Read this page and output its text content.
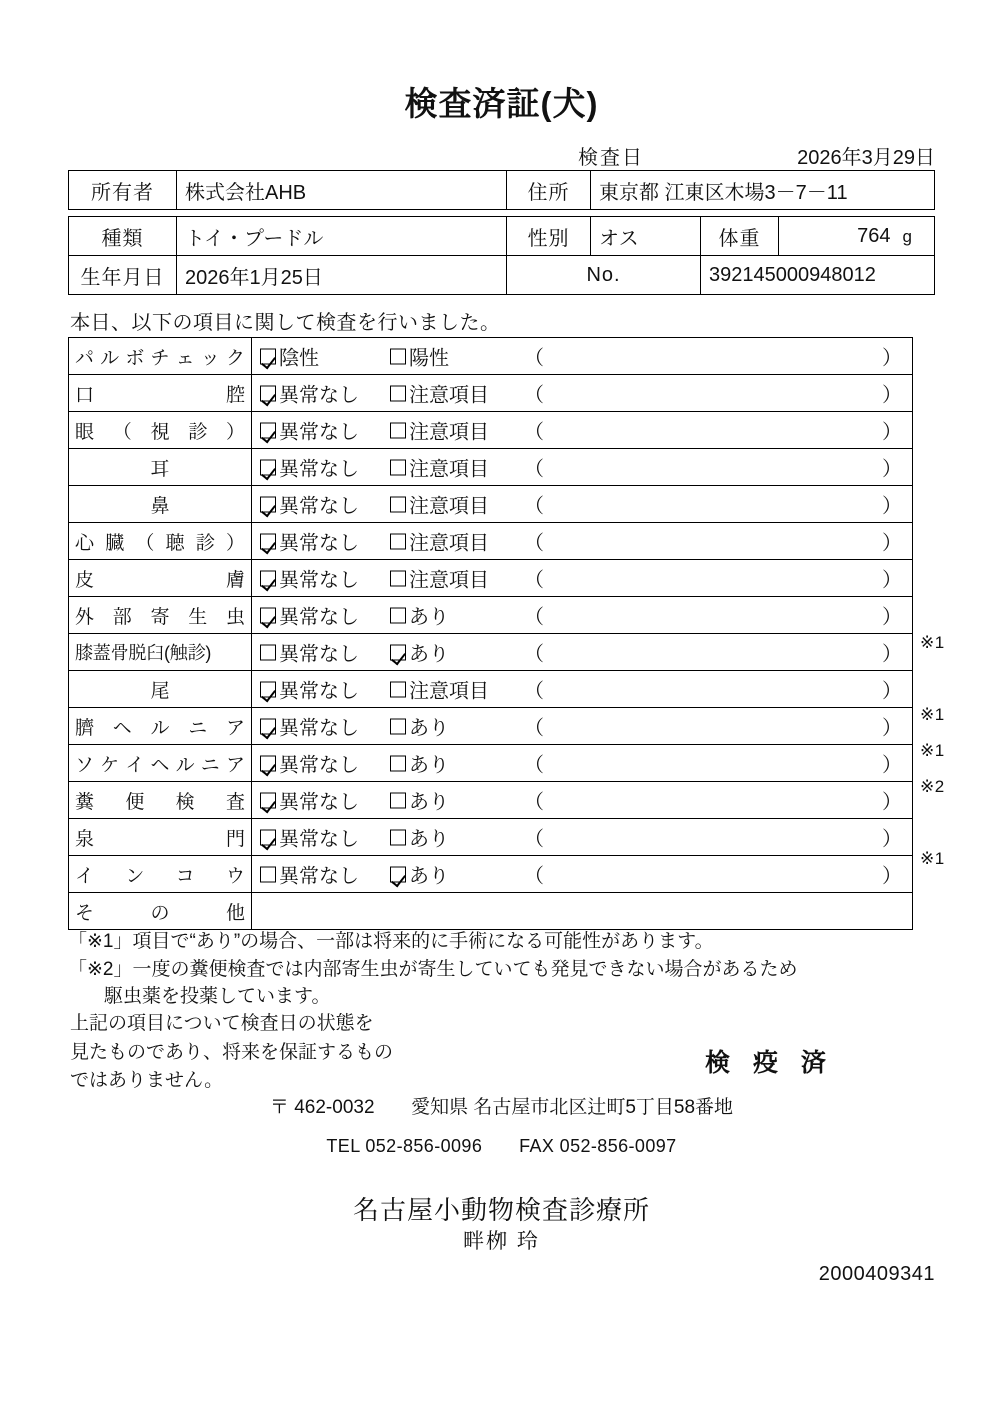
検査済証(犬)
検査日	2026年3月29日
所有者	株式会社AHB	住所	東京都 江東区木場3－7－11
種類	トイ・プードル	性別	オス	体重	764 g

生年月日	2026年1月25日	No.		392145000948012	
本日、以下の項目に関して検査を行いました。
パ ル ボ チ ェ ッ ク	陰性	陽性	（	）

口 腔	異常なし 注意項目 （ ）

眼 （ 視 診 ）	異常なし 注意項目 （ ）

耳	異常なし 注意項目 （ ）

鼻	異常なし 注意項目 （ ）

心 臓 （ 聴 診 ）	異常なし	注意項目 （	）

皮 膚	異常なし 注意項目 （ ）

外 部 寄 生 虫	異常なし あり （ ）

膝蓋骨脱臼(触診)	異常なし あり （ ）

尾	異常なし 注意項目 （ ）

臍 ヘ ル ニ ア	異常なし あり （ ）

ソ ケ イ ヘ ル ニ ア	異常なし	あり	（	）

糞 便 検 査	異常なし あり （ ）

泉 門	異常なし あり （ ）

イ ン コ ウ	異常なし あり （ ）

そ の 他	

※1
※1
※1
※2
※1
「※1」項目で“あり”の場合、一部は将来的に手術になる可能性があります。
「※2」一度の糞便検査では内部寄生虫が寄生していても発見できない場合があるため
駆虫薬を投薬しています。
上記の項目について検査日の状態を
見たものであり、将来を保証するもの
ではありません。
検 疫 済
〒 462-0032 愛知県 名古屋市北区辻町5丁目58番地
TEL 052-856-0096 FAX 052-856-0097
名古屋小動物検査診療所
畔栁 玲
2000409341
